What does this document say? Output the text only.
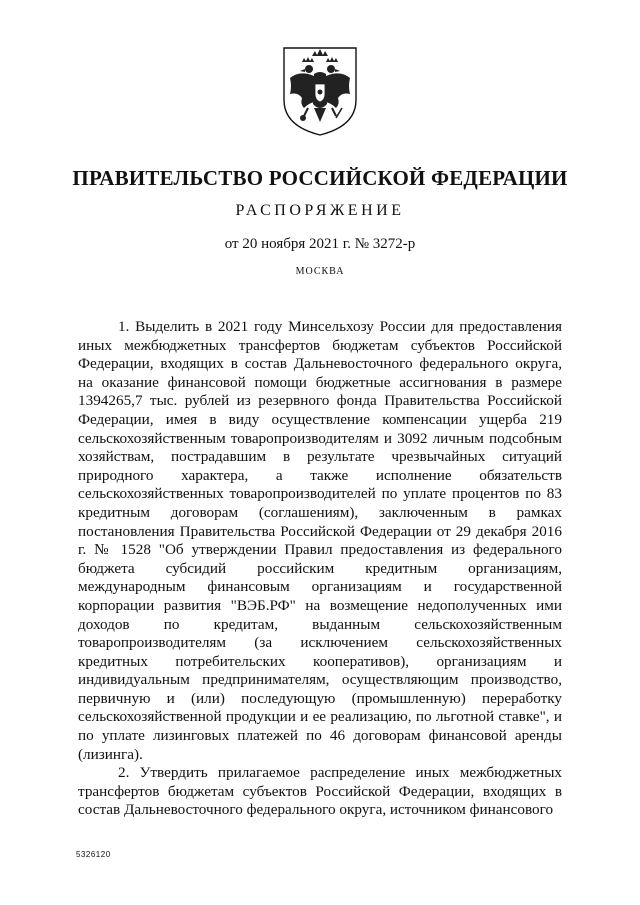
ПРАВИТЕЛЬСТВО РОССИЙСКОЙ ФЕДЕРАЦИИ
РАСПОРЯЖЕНИЕ
от 20 ноября 2021 г. № 3272-р
МОСКВА

1. Выделить в 2021 году Минсельхозу России для предоставления иных межбюджетных трансфертов бюджетам субъектов Российской Федерации, входящих в состав Дальневосточного федерального округа, на оказание финансовой помощи бюджетные ассигнования в размере 1394265,7 тыс. рублей из резервного фонда Правительства Российской Федерации, имея в виду осуществление компенсации ущерба 219 сельскохозяйственным товаропроизводителям и 3092 личным подсобным хозяйствам, пострадавшим в результате чрезвычайных ситуаций природного характера, а также исполнение обязательств сельскохозяйственных товаропроизводителей по уплате процентов по 83 кредитным договорам (соглашениям), заключенным в рамках постановления Правительства Российской Федерации от 29 декабря 2016 г. № 1528 "Об утверждении Правил предоставления из федерального бюджета субсидий российским кредитным организациям, международным финансовым организациям и государственной корпорации развития "ВЭБ.РФ" на возмещение недополученных ими доходов по кредитам, выданным сельскохозяйственным товаропроизводителям (за исключением сельскохозяйственных кредитных потребительских кооперативов), организациям и индивидуальным предпринимателям, осуществляющим производство, первичную и (или) последующую (промышленную) переработку сельскохозяйственной продукции и ее реализацию, по льготной ставке", и по уплате лизинговых платежей по 46 договорам финансовой аренды (лизинга).

2. Утвердить прилагаемое распределение иных межбюджетных трансфертов бюджетам субъектов Российской Федерации, входящих в состав Дальневосточного федерального округа, источником финансового

5326120
